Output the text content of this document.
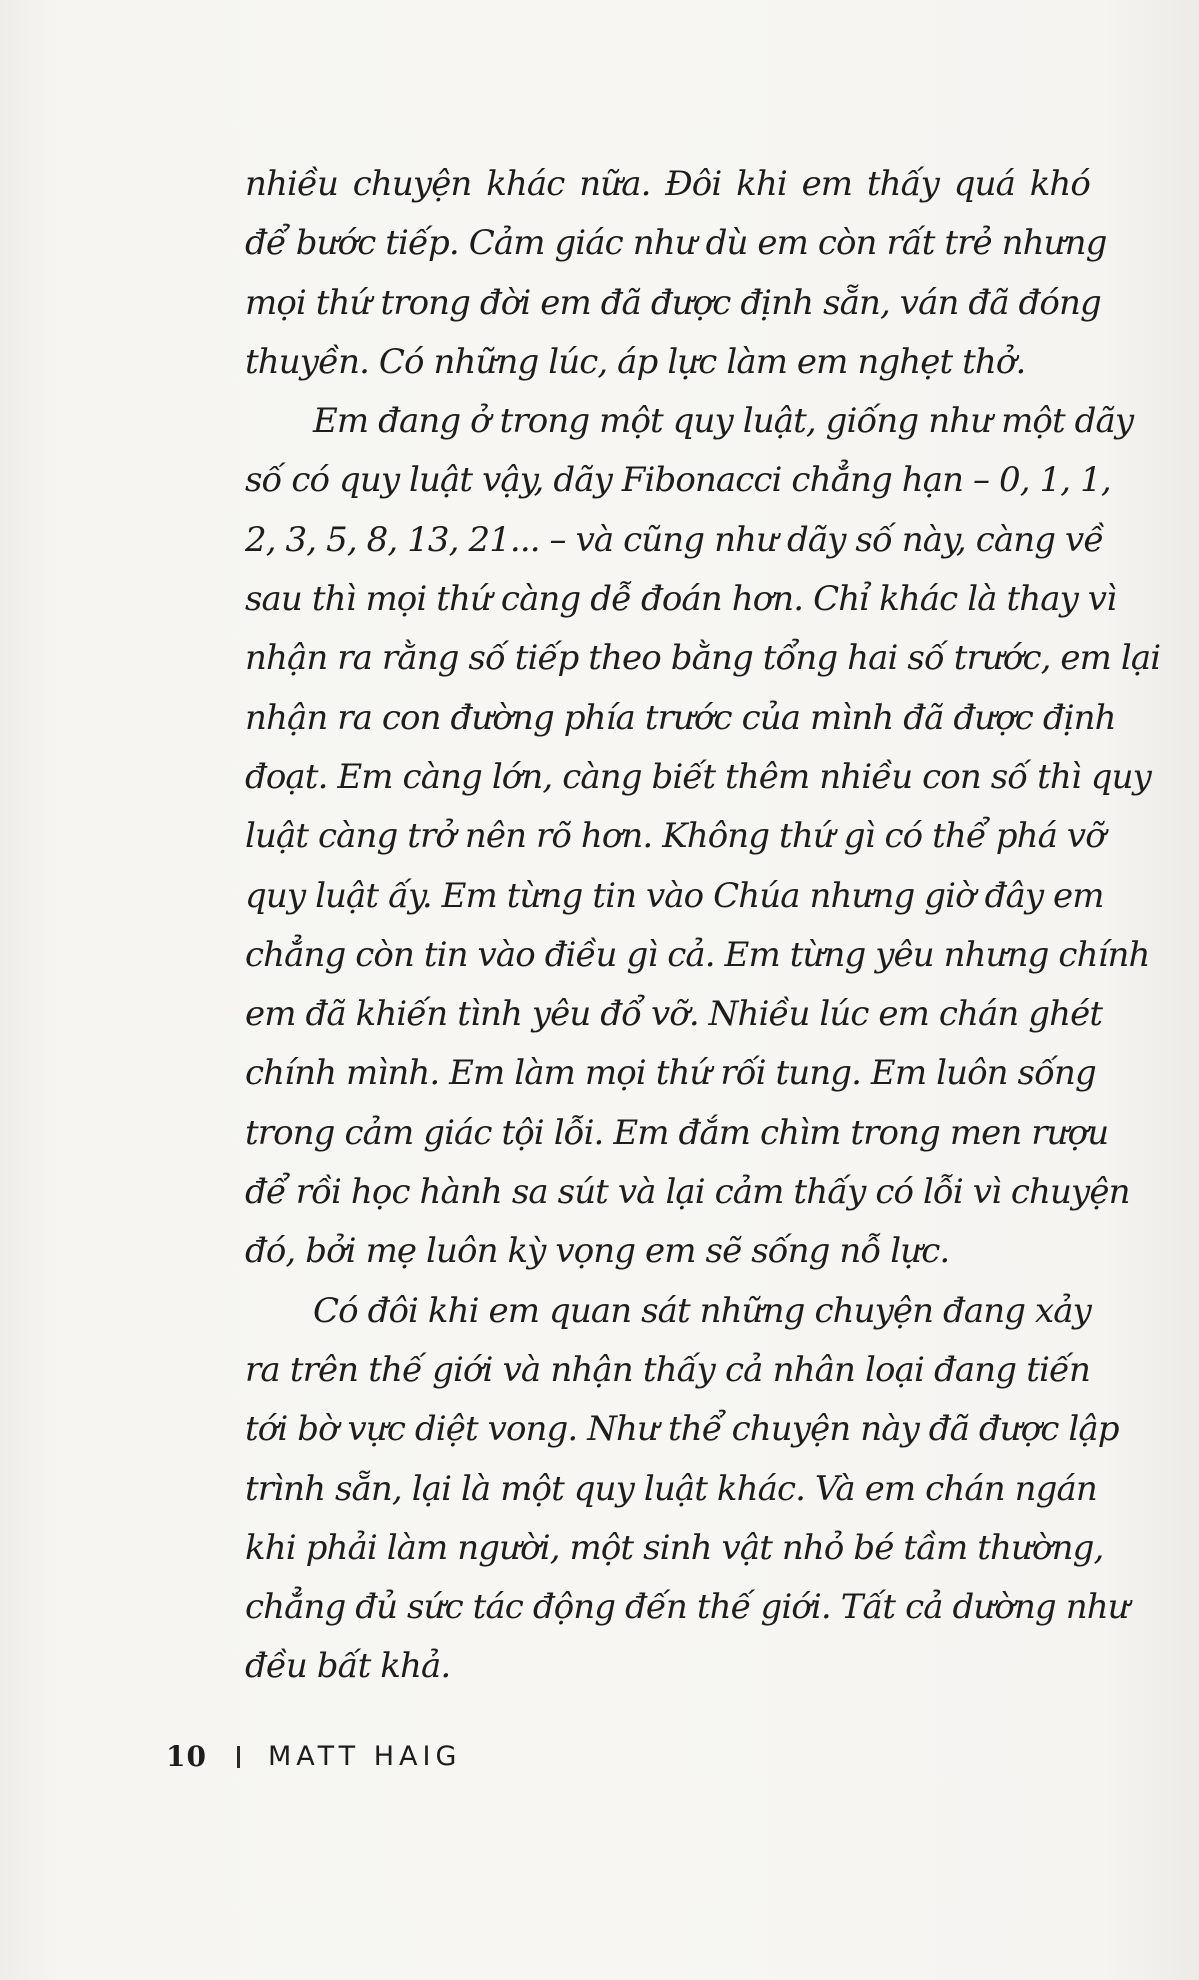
nhiều chuyện khác nữa. Đôi khi em thấy quá khó
để bước tiếp. Cảm giác như dù em còn rất trẻ nhưng
mọi thứ trong đời em đã được định sẵn, ván đã đóng
thuyền. Có những lúc, áp lực làm em nghẹt thở.
Em đang ở trong một quy luật, giống như một dãy
số có quy luật vậy, dãy Fibonacci chẳng hạn – 0, 1, 1,
2, 3, 5, 8, 13, 21... – và cũng như dãy số này, càng về
sau thì mọi thứ càng dễ đoán hơn. Chỉ khác là thay vì
nhận ra rằng số tiếp theo bằng tổng hai số trước, em lại
nhận ra con đường phía trước của mình đã được định
đoạt. Em càng lớn, càng biết thêm nhiều con số thì quy
luật càng trở nên rõ hơn. Không thứ gì có thể phá vỡ
quy luật ấy. Em từng tin vào Chúa nhưng giờ đây em
chẳng còn tin vào điều gì cả. Em từng yêu nhưng chính
em đã khiến tình yêu đổ vỡ. Nhiều lúc em chán ghét
chính mình. Em làm mọi thứ rối tung. Em luôn sống
trong cảm giác tội lỗi. Em đắm chìm trong men rượu
để rồi học hành sa sút và lại cảm thấy có lỗi vì chuyện
đó, bởi mẹ luôn kỳ vọng em sẽ sống nỗ lực.
Có đôi khi em quan sát những chuyện đang xảy
ra trên thế giới và nhận thấy cả nhân loại đang tiến
tới bờ vực diệt vong. Như thể chuyện này đã được lập
trình sẵn, lại là một quy luật khác. Và em chán ngán
khi phải làm người, một sinh vật nhỏ bé tầm thường,
chẳng đủ sức tác động đến thế giới. Tất cả dường như
đều bất khả.
10 MATT HAIG
